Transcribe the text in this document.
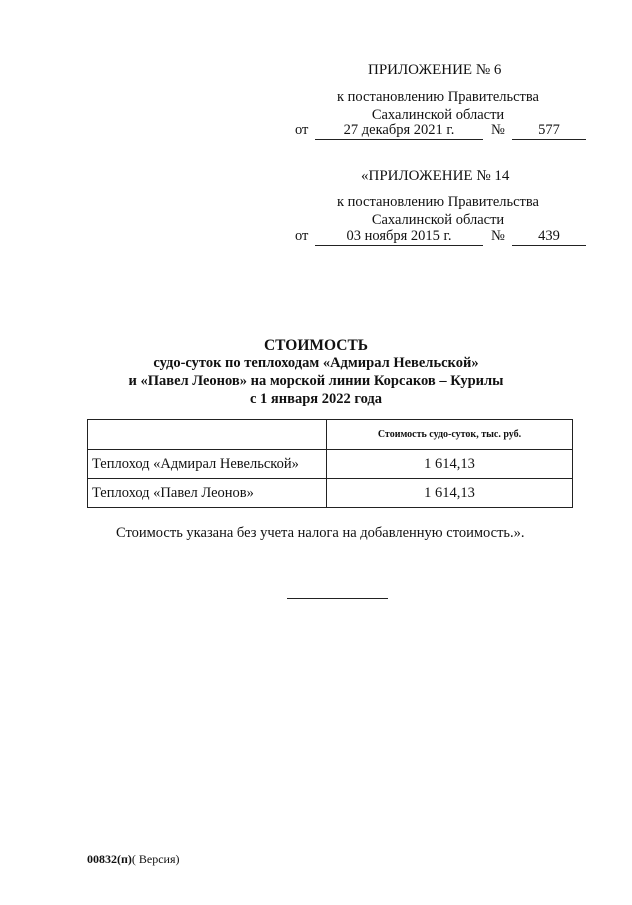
ПРИЛОЖЕНИЕ № 6
к постановлению Правительства
Сахалинской области
от	27 декабря 2021 г.	№	577
«ПРИЛОЖЕНИЕ № 14
к постановлению Правительства
Сахалинской области
от	03 ноября 2015 г.	№	439
СТОИМОСТЬ
судо-суток по теплоходам «Адмирал Невельской»
и «Павел Леонов» на морской линии Корсаков – Курилы
с 1 января 2022 года
	Стоимость судо-суток, тыс. руб.
Теплоход «Адмирал Невельской»	1 614,13
Теплоход «Павел Леонов»	1 614,13
Стоимость указана без учета налога на добавленную стоимость.».
00832(п)( Версия)
